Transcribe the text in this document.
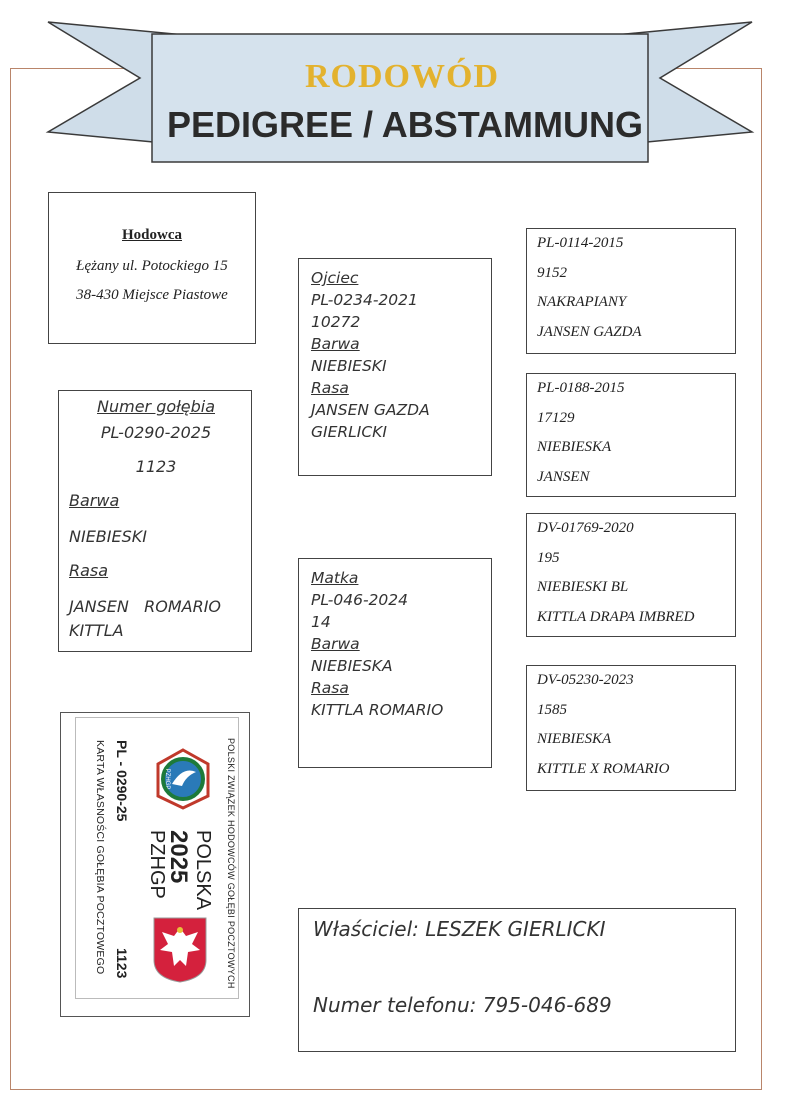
RODOWÓD
PEDIGREE / ABSTAMMUNG
Hodowca
Łężany ul. Potockiego 15
38-430 Miejsce Piastowe
Numer gołębia
PL-0290-2025
1123
Barwa
NIEBIESKI
Rasa
JANSEN   ROMARIO
KITTLA
Ojciec
PL-0234-2021
10272
Barwa
NIEBIESKI
Rasa
JANSEN GAZDA
GIERLICKI
Matka
PL-046-2024
14
Barwa
NIEBIESKA
Rasa
KITTLA ROMARIO
PL-0114-2015
9152
NAKRAPIANY
JANSEN GAZDA
PL-0188-2015
17129
NIEBIESKA
JANSEN
DV-01769-2020
195
NIEBIESKI BL
KITTLA DRAPA IMBRED
DV-05230-2023
1585
NIEBIESKA
KITTLE X ROMARIO
POLSKI ZWIĄZEK HODOWCÓW GOŁĘBI POCZTOWYCH
POLSKA
2025
PZHGP
PL - 0290-25
1123
KARTA WŁASNOŚCI GOŁĘBIA POCZTOWEGO	PZHGP
Właściciel: LESZEK GIERLICKI
Numer telefonu: 795-046-689
